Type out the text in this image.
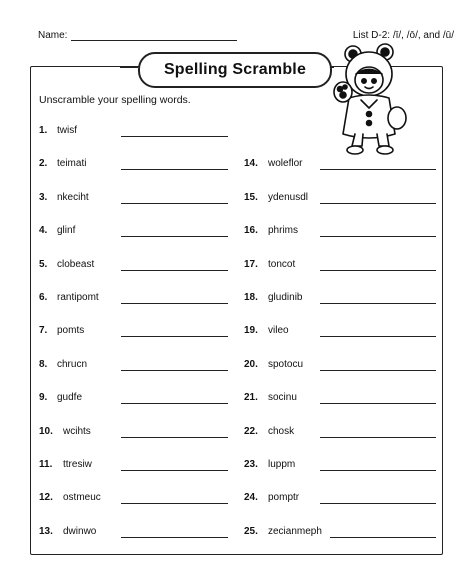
Name:	List D-2: /ī/, /ō/, and /ū/
Spelling Scramble
Unscramble your spelling words.
1. twisf
2. teimati
3. nkeciht
4. glinf
5. clobeast
6. rantipomt
7. pomts
8. chrucn
9. gudfe
10. wcihts
11. ttresiw
12. ostmeuc
13. dwinwo
14. woleflor
15. ydenusdl
16. phrims
17. toncot
18. gludinib
19. vileo
20. spotocu
21. socinu
22. chosk
23. luppm
24. pomptr
25. zecianmeph
